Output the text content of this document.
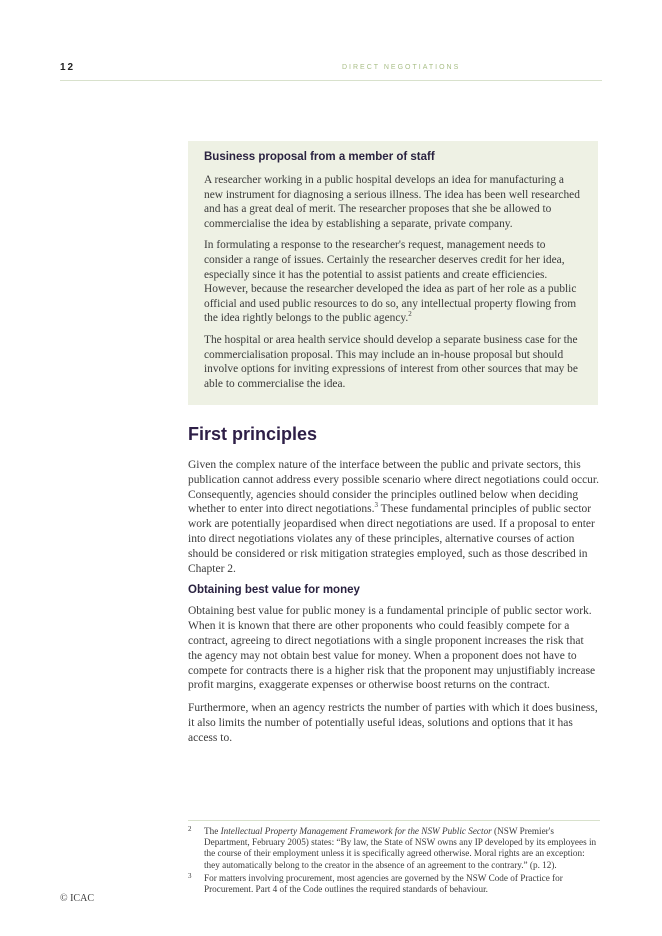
12	DIRECT NEGOTIATIONS
Business proposal from a member of staff

A researcher working in a public hospital develops an idea for manufacturing a new instrument for diagnosing a serious illness. The idea has been well researched and has a great deal of merit. The researcher proposes that she be allowed to commercialise the idea by establishing a separate, private company.

In formulating a response to the researcher's request, management needs to consider a range of issues. Certainly the researcher deserves credit for her idea, especially since it has the potential to assist patients and create efficiencies. However, because the researcher developed the idea as part of her role as a public official and used public resources to do so, any intellectual property flowing from the idea rightly belongs to the public agency.$^2$

The hospital or area health service should develop a separate business case for the commercialisation proposal. This may include an in-house proposal but should involve options for inviting expressions of interest from other sources that may be able to commercialise the idea.

First principles

Given the complex nature of the interface between the public and private sectors, this publication cannot address every possible scenario where direct negotiations could occur. Consequently, agencies should consider the principles outlined below when deciding whether to enter into direct negotiations.$^3$ These fundamental principles of public sector work are potentially jeopardised when direct negotiations are used. If a proposal to enter into direct negotiations violates any of these principles, alternative courses of action should be considered or risk mitigation strategies employed, such as those described in Chapter 2.

Obtaining best value for money

Obtaining best value for public money is a fundamental principle of public sector work. When it is known that there are other proponents who could feasibly compete for a contract, agreeing to direct negotiations with a single proponent increases the risk that the agency may not obtain best value for money. When a proponent does not have to compete for contracts there is a higher risk that the proponent may unjustifiably increase profit margins, exaggerate expenses or otherwise boost returns on the contract.

Furthermore, when an agency restricts the number of parties with which it does business, it also limits the number of potentially useful ideas, solutions and options that it has access to.

2 The Intellectual Property Management Framework for the NSW Public Sector (NSW Premier's Department, February 2005) states: “By law, the State of NSW owns any IP developed by its employees in the course of their employment unless it is specifically agreed otherwise. Moral rights are an exception: they automatically belong to the creator in the absence of an agreement to the contrary.” (p. 12).
3 For matters involving procurement, most agencies are governed by the NSW Code of Practice for Procurement. Part 4 of the Code outlines the required standards of behaviour.
© ICAC
